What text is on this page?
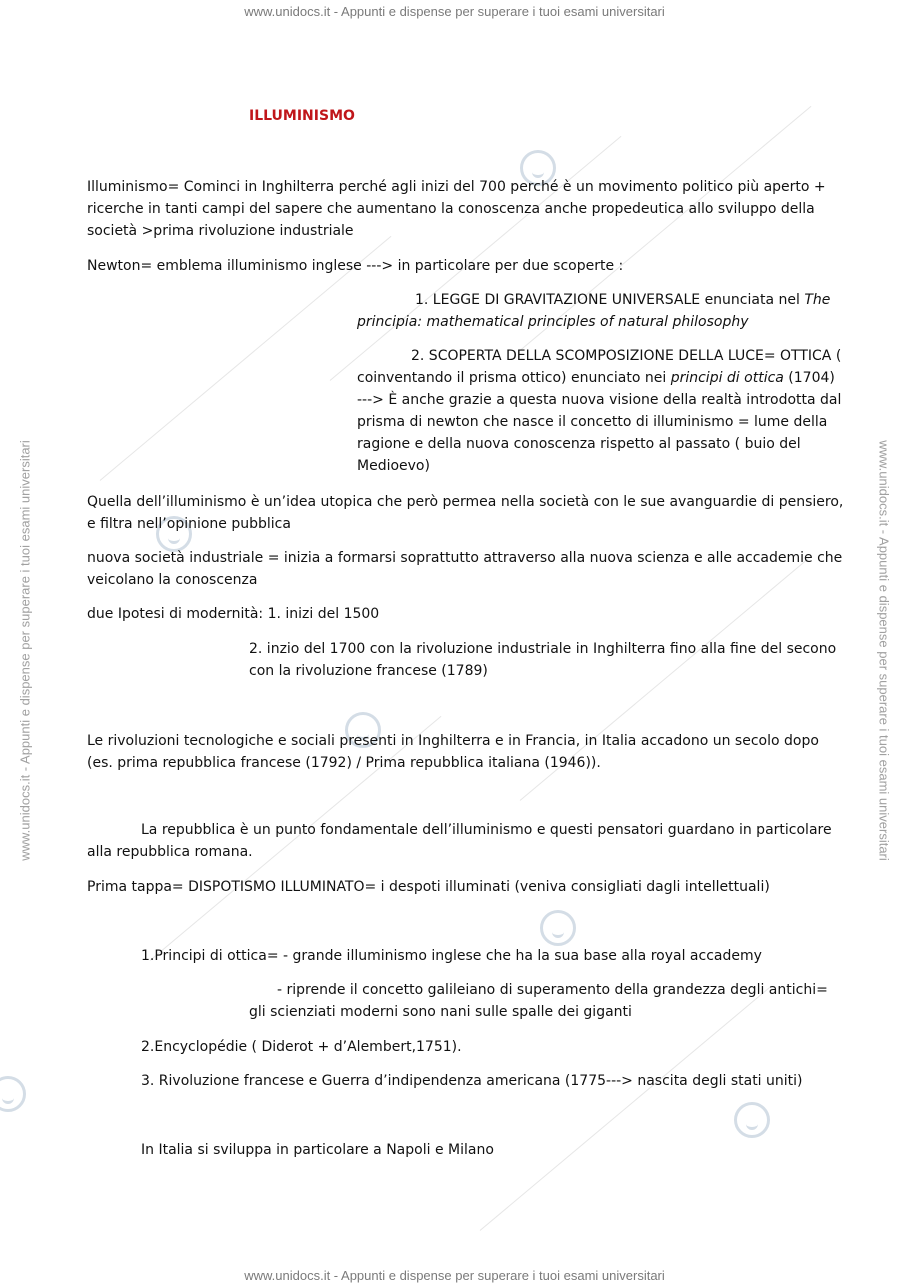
www.unidocs.it - Appunti e dispense per superare i tuoi esami universitari
www.unidocs.it - Appunti e dispense per superare i tuoi esami universitari
www.unidocs.it - Appunti e dispense per superare i tuoi esami universitari	www.unidocs.it - Appunti e dispense per superare i tuoi esami universitari
ILLUMINISMO
Illuminismo= Cominci in Inghilterra perché agli inizi del 700 perché è un movimento politico più aperto +
ricerche in tanti campi del sapere che aumentano la conoscenza anche propedeutica allo sviluppo della
società >prima rivoluzione industriale
Newton= emblema illuminismo inglese ---> in particolare per due scoperte :
1. LEGGE DI GRAVITAZIONE UNIVERSALE enunciata nel The
principia: mathematical principles of natural philosophy
2. SCOPERTA DELLA SCOMPOSIZIONE DELLA LUCE= OTTICA (
coinventando il prisma ottico) enunciato nei principi di ottica (1704)
---> È anche grazie a questa nuova visione della realtà introdotta dal
prisma di newton che nasce il concetto di illuminismo = lume della
ragione e della nuova conoscenza rispetto al passato ( buio del
Medioevo)
Quella dell’illuminismo è un’idea utopica che però permea nella società con le sue avanguardie di pensiero,
e filtra nell’opinione pubblica
nuova società industriale = inizia a formarsi soprattutto attraverso alla nuova scienza e alle accademie che
veicolano la conoscenza
due Ipotesi di modernità: 1. inizi del 1500
2. inzio del 1700 con la rivoluzione industriale in Inghilterra fino alla fine del secono
con la rivoluzione francese (1789)
Le rivoluzioni tecnologiche e sociali presenti in Inghilterra e in Francia, in Italia accadono un secolo dopo
(es. prima repubblica francese (1792) / Prima repubblica italiana (1946)).
La repubblica è un punto fondamentale dell’illuminismo e questi pensatori guardano in particolare
alla repubblica romana.
Prima tappa= DISPOTISMO ILLUMINATO= i despoti illuminati (veniva consigliati dagli intellettuali)
1.Principi di ottica= - grande illuminismo inglese che ha la sua base alla royal accademy
- riprende il concetto galileiano di superamento della grandezza degli antichi=
gli scienziati moderni sono nani sulle spalle dei giganti
2.Encyclopédie ( Diderot + d’Alembert,1751).
3. Rivoluzione francese e Guerra d’indipendenza americana (1775---> nascita degli stati uniti)
In Italia si sviluppa in particolare a Napoli e Milano
